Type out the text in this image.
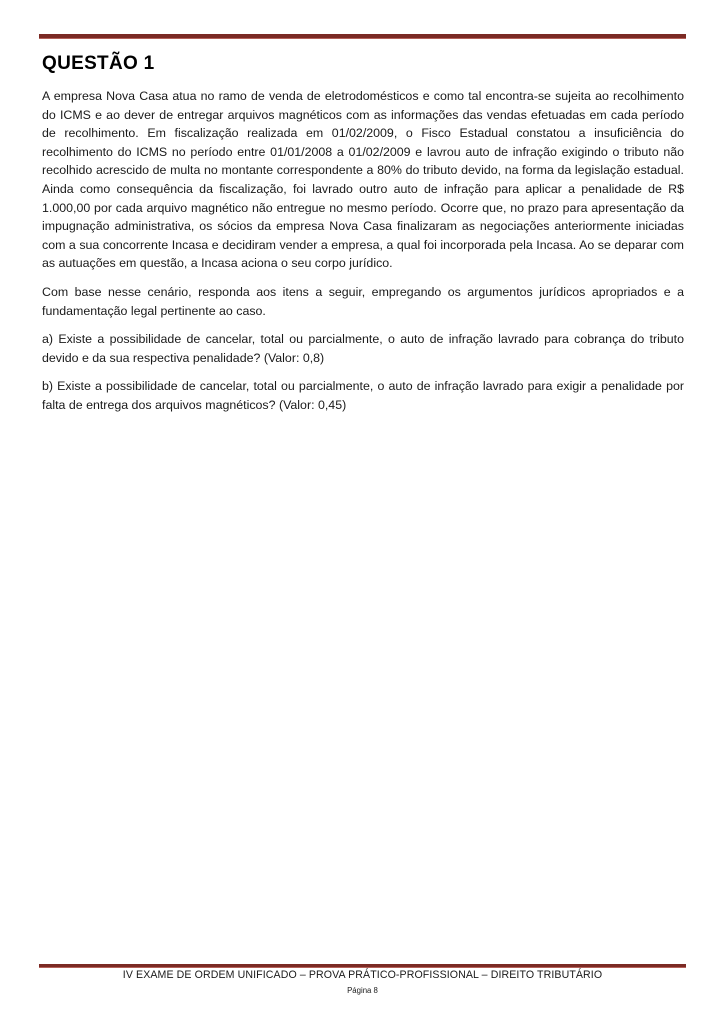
QUESTÃO 1

A empresa Nova Casa atua no ramo de venda de eletrodomésticos e como tal encontra-se sujeita ao recolhimento do ICMS e ao dever de entregar arquivos magnéticos com as informações das vendas efetuadas em cada período de recolhimento. Em fiscalização realizada em 01/02/2009, o Fisco Estadual constatou a insuficiência do recolhimento do ICMS no período entre 01/01/2008 a 01/02/2009 e lavrou auto de infração exigindo o tributo não recolhido acrescido de multa no montante correspondente a 80% do tributo devido, na forma da legislação estadual. Ainda como consequência da fiscalização, foi lavrado outro auto de infração para aplicar a penalidade de R$ 1.000,00 por cada arquivo magnético não entregue no mesmo período. Ocorre que, no prazo para apresentação da impugnação administrativa, os sócios da empresa Nova Casa finalizaram as negociações anteriormente iniciadas com a sua concorrente Incasa e decidiram vender a empresa, a qual foi incorporada pela Incasa. Ao se deparar com as autuações em questão, a Incasa aciona o seu corpo jurídico.

Com base nesse cenário, responda aos itens a seguir, empregando os argumentos jurídicos apropriados e a fundamentação legal pertinente ao caso.

a) Existe a possibilidade de cancelar, total ou parcialmente, o auto de infração lavrado para cobrança do tributo devido e da sua respectiva penalidade? (Valor: 0,8)

b) Existe a possibilidade de cancelar, total ou parcialmente, o auto de infração lavrado para exigir a penalidade por falta de entrega dos arquivos magnéticos? (Valor: 0,45)

IV EXAME DE ORDEM UNIFICADO – PROVA PRÁTICO-PROFISSIONAL – DIREITO TRIBUTÁRIO
Página 8
